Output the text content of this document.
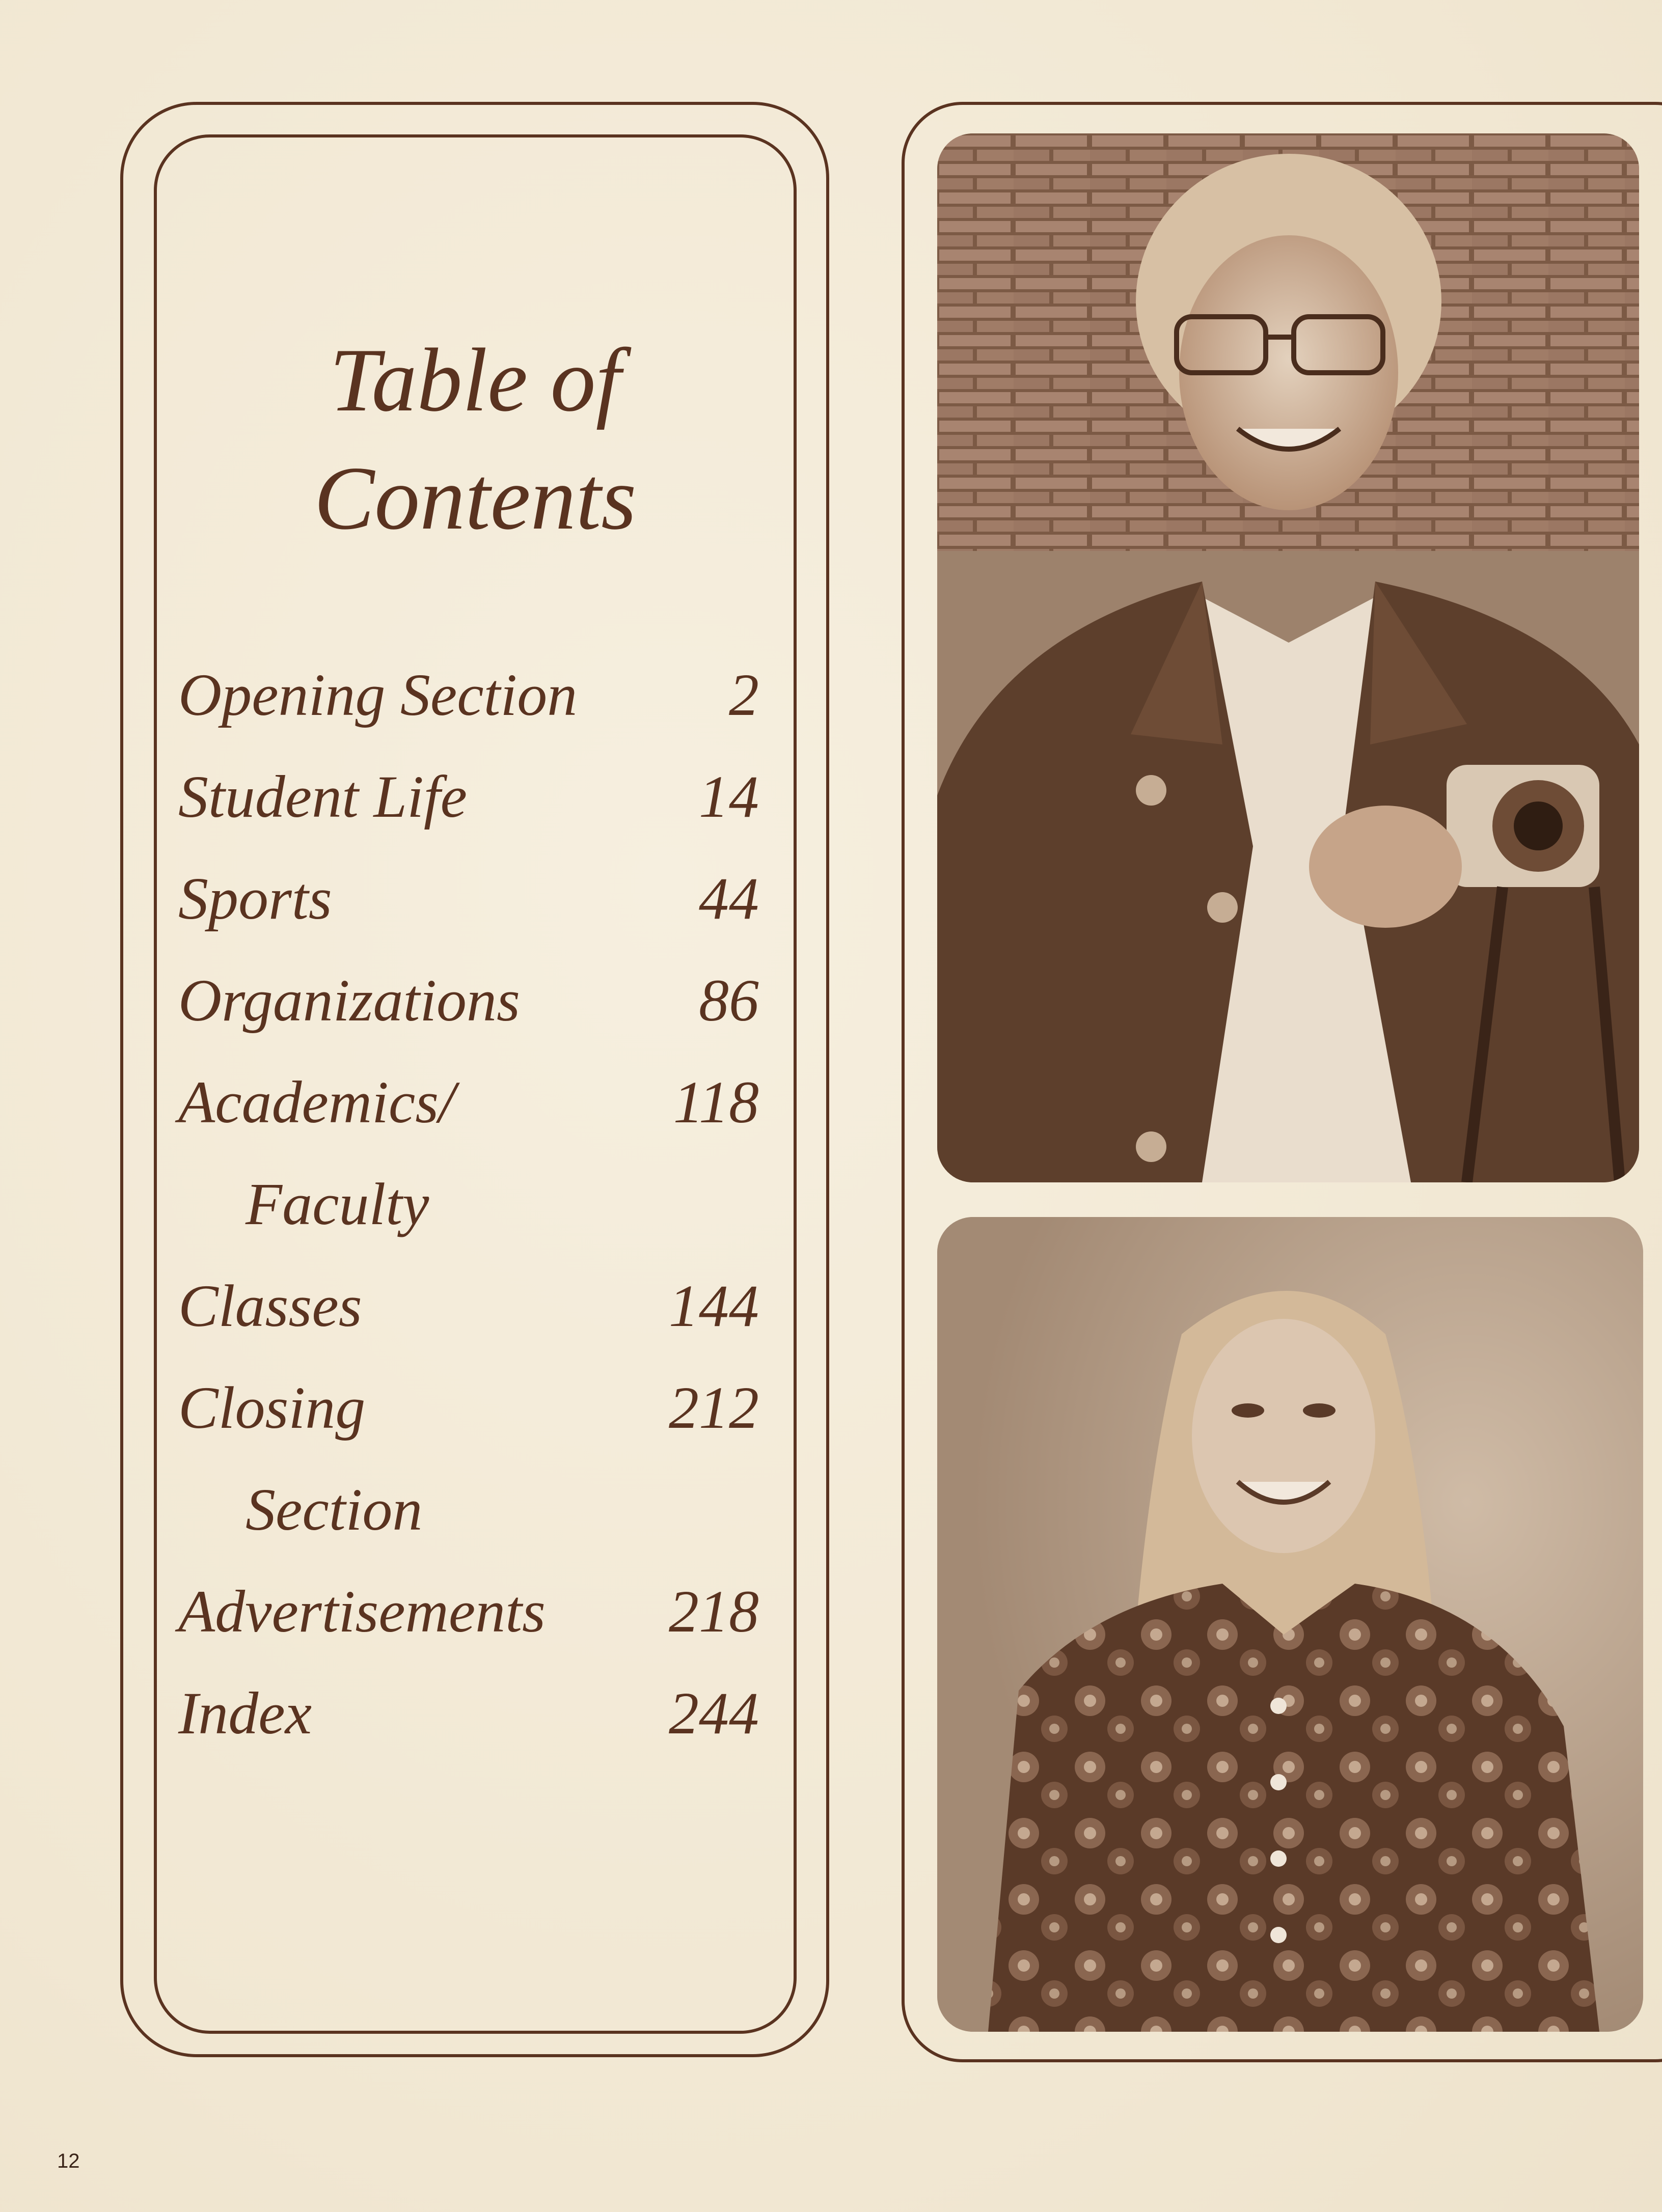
Table of
Contents
Opening Section	2
Student Life	14
Sports	44
Organizations	86
Academics/	118
Faculty
Classes	144
Closing	212
Section
Advertisements 218
Index	244
12
